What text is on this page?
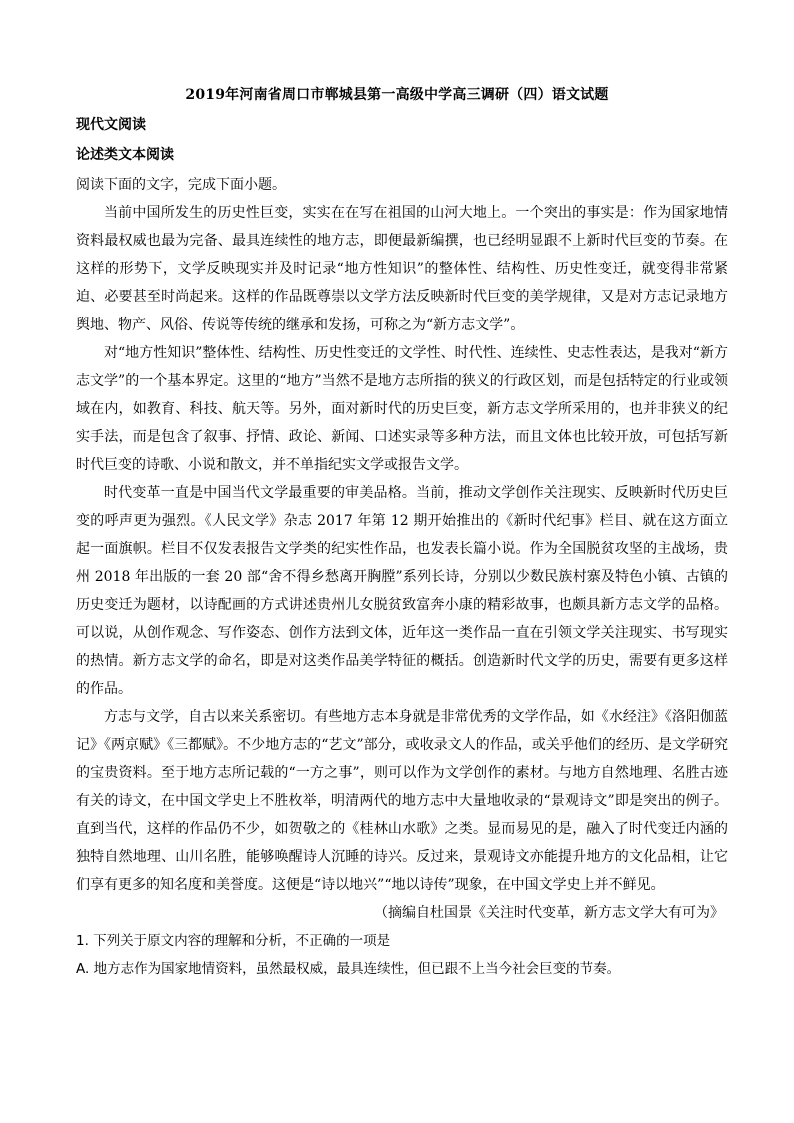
2019年河南省周口市郸城县第一高级中学高三调研（四）语文试题
现代文阅读
论述类文本阅读

阅读下面的文字，完成下面小题。

当前中国所发生的历史性巨变，实实在在写在祖国的山河大地上。一个突出的事实是：作为国家地情资料最权威也最为完备、最具连续性的地方志，即便最新编撰，也已经明显跟不上新时代巨变的节奏。在这样的形势下，文学反映现实并及时记录“地方性知识”的整体性、结构性、历史性变迁，就变得非常紧迫、必要甚至时尚起来。这样的作品既尊崇以文学方法反映新时代巨变的美学规律，又是对方志记录地方舆地、物产、风俗、传说等传统的继承和发扬，可称之为“新方志文学”。

对“地方性知识”整体性、结构性、历史性变迁的文学性、时代性、连续性、史志性表达，是我对“新方志文学”的一个基本界定。这里的“地方”当然不是地方志所指的狭义的行政区划，而是包括特定的行业或领域在内，如教育、科技、航天等。另外，面对新时代的历史巨变，新方志文学所采用的，也并非狭义的纪实手法，而是包含了叙事、抒情、政论、新闻、口述实录等多种方法，而且文体也比较开放，可包括写新时代巨变的诗歌、小说和散文，并不单指纪实文学或报告文学。

时代变革一直是中国当代文学最重要的审美品格。当前，推动文学创作关注现实、反映新时代历史巨变的呼声更为强烈。《人民文学》杂志 2017 年第 12 期开始推出的《新时代纪事》栏目、就在这方面立起一面旗帜。栏目不仅发表报告文学类的纪实性作品，也发表长篇小说。作为全国脱贫攻坚的主战场，贵州 2018 年出版的一套 20 部“舍不得乡愁离开胸膛”系列长诗，分别以少数民族村寨及特色小镇、古镇的历史变迁为题材，以诗配画的方式讲述贵州儿女脱贫致富奔小康的精彩故事，也颇具新方志文学的品格。可以说，从创作观念、写作姿态、创作方法到文体，近年这一类作品一直在引领文学关注现实、书写现实的热情。新方志文学的命名，即是对这类作品美学特征的概括。创造新时代文学的历史，需要有更多这样的作品。

方志与文学，自古以来关系密切。有些地方志本身就是非常优秀的文学作品，如《水经注》《洛阳伽蓝记》《两京赋》《三都赋》。不少地方志的“艺文”部分，或收录文人的作品，或关乎他们的经历、是文学研究的宝贵资料。至于地方志所记载的“一方之事”，则可以作为文学创作的素材。与地方自然地理、名胜古迹有关的诗文，在中国文学史上不胜枚举，明清两代的地方志中大量地收录的“景观诗文”即是突出的例子。直到当代，这样的作品仍不少，如贺敬之的《桂林山水歌》之类。显而易见的是，融入了时代变迁内涵的独特自然地理、山川名胜，能够唤醒诗人沉睡的诗兴。反过来，景观诗文亦能提升地方的文化品相，让它们享有更多的知名度和美誉度。这便是“诗以地兴”“地以诗传”现象，在中国文学史上并不鲜见。

（摘编自杜国景《关注时代变革，新方志文学大有可为》

1. 下列关于原文内容的理解和分析，不正确的一项是

A. 地方志作为国家地情资料，虽然最权威，最具连续性，但已跟不上当今社会巨变的节奏。
